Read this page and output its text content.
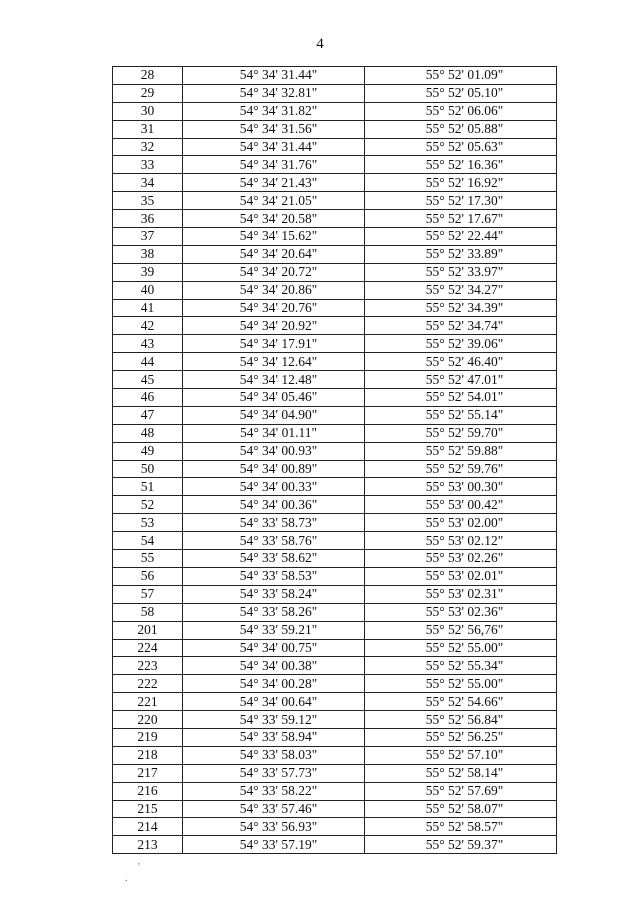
4
28	54° 34' 31.44"	55° 52' 01.09"
29	54° 34' 32.81"	55° 52' 05.10"
30	54° 34' 31.82"	55° 52' 06.06"
31	54° 34' 31.56"	55° 52' 05.88"
32	54° 34' 31.44"	55° 52' 05.63"
33	54° 34' 31.76"	55° 52' 16.36"
34	54° 34' 21.43"	55° 52' 16.92"
35	54° 34' 21.05"	55° 52' 17.30"
36	54° 34' 20.58"	55° 52' 17.67"
37	54° 34' 15.62"	55° 52' 22.44"
38	54° 34' 20.64"	55° 52' 33.89"
39	54° 34' 20.72"	55° 52' 33.97"
40	54° 34' 20.86"	55° 52' 34.27"
41	54° 34' 20.76"	55° 52' 34.39"
42	54° 34' 20.92"	55° 52' 34.74"
43	54° 34' 17.91"	55° 52' 39.06"
44	54° 34' 12.64"	55° 52' 46.40"
45	54° 34' 12.48"	55° 52' 47.01"
46	54° 34' 05.46"	55° 52' 54.01"
47	54° 34' 04.90"	55° 52' 55.14"
48	54° 34' 01.11"	55° 52' 59.70"
49	54° 34' 00.93"	55° 52' 59.88"
50	54° 34' 00.89"	55° 52' 59.76"
51	54° 34' 00.33"	55° 53' 00.30"
52	54° 34' 00.36"	55° 53' 00.42"
53	54° 33' 58.73"	55° 53' 02.00"
54	54° 33' 58.76"	55° 53' 02.12"
55	54° 33' 58.62"	55° 53' 02.26"
56	54° 33' 58.53"	55° 53' 02.01"
57	54° 33' 58.24"	55° 53' 02.31"
58	54° 33' 58.26"	55° 53' 02.36"
201	54° 33' 59.21"	55° 52' 56,76"
224	54° 34' 00.75"	55° 52' 55.00"
223	54° 34' 00.38"	55° 52' 55.34"
222	54° 34' 00.28"	55° 52' 55.00"
221	54° 34' 00.64"	55° 52' 54.66"
220	54° 33' 59.12"	55° 52' 56.84"
219	54° 33' 58.94"	55° 52' 56.25"
218	54° 33' 58.03"	55° 52' 57.10"
217	54° 33' 57.73"	55° 52' 58.14"
216	54° 33' 58.22"	55° 52' 57.69"
215	54° 33' 57.46"	55° 52' 58.07"
214	54° 33' 56.93"	55° 52' 58.57"
213	54° 33' 57.19"	55° 52' 59.37"
.
'
